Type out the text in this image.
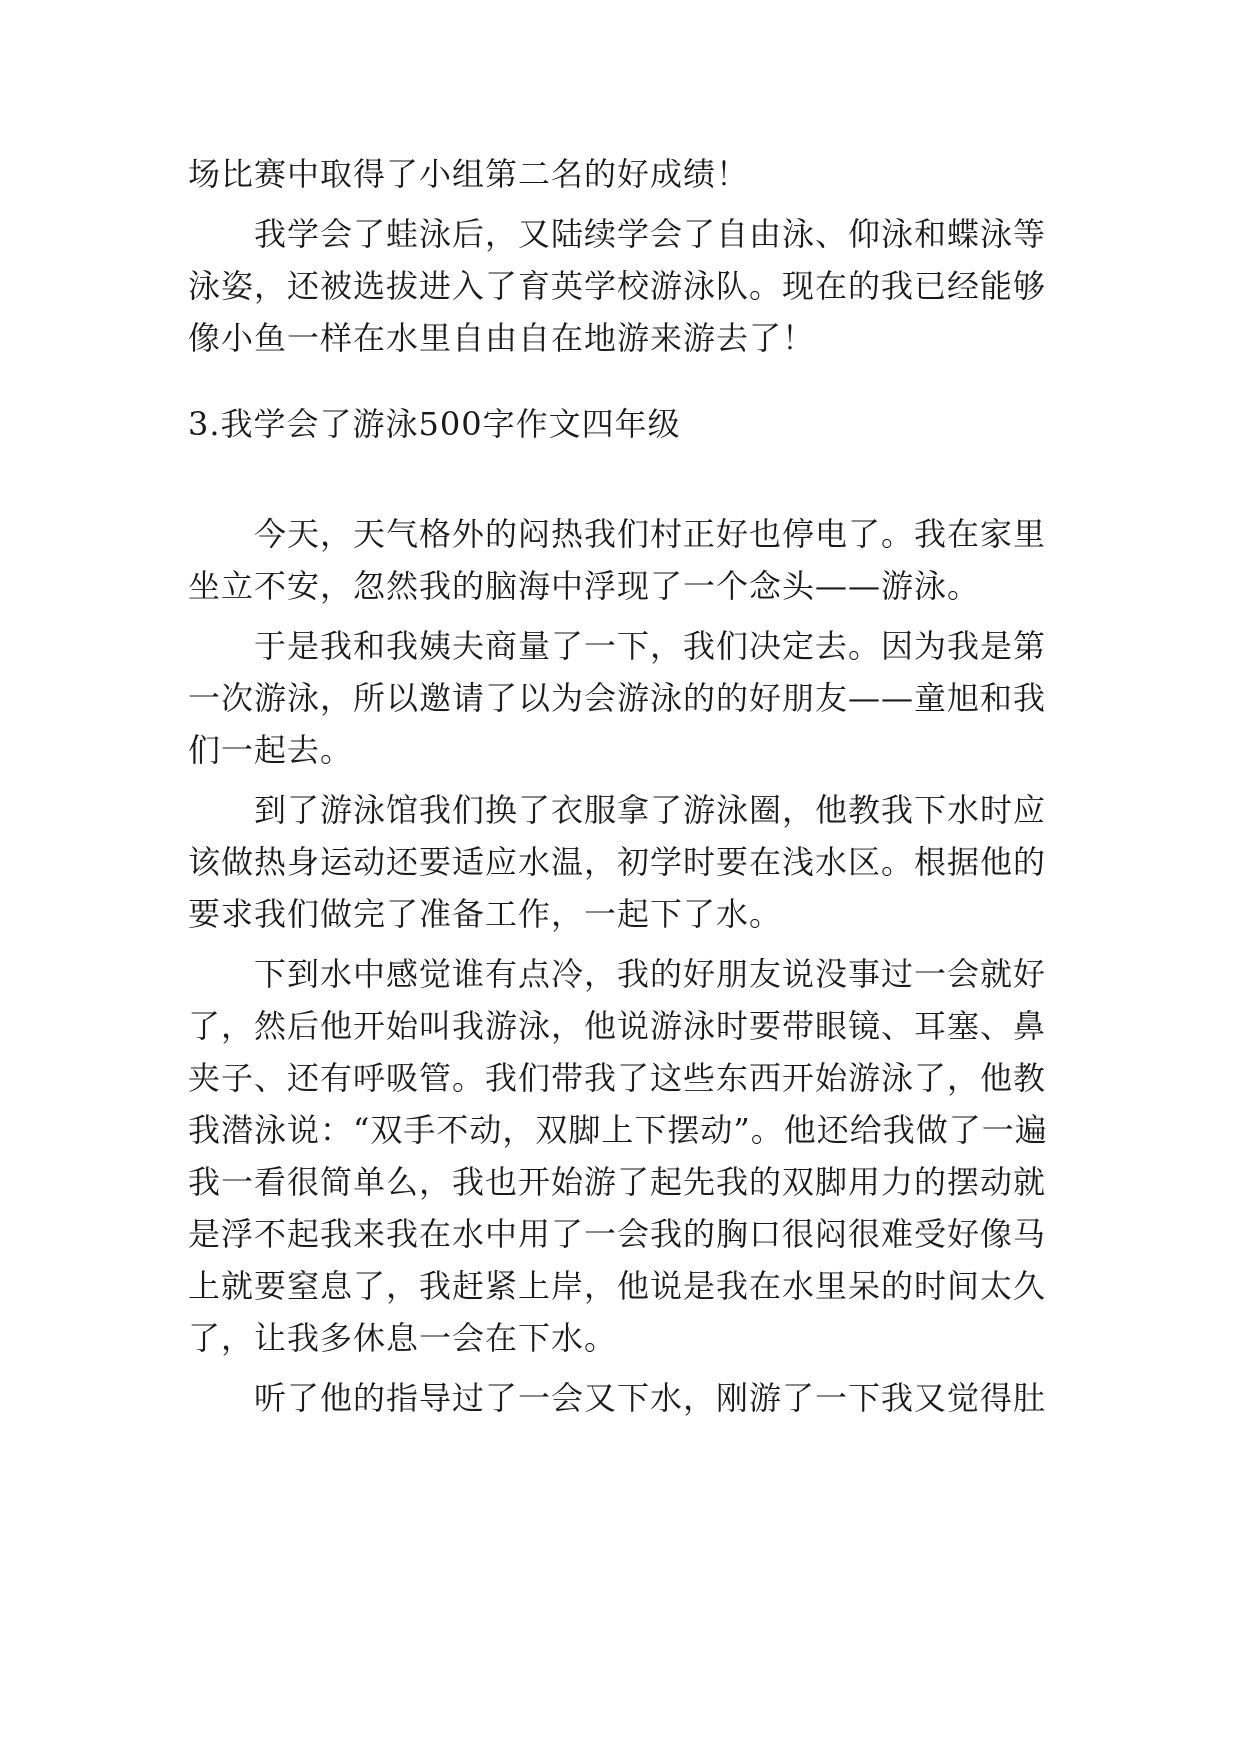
场比赛中取得了小组第二名的好成绩！

我学会了蛙泳后，又陆续学会了自由泳、仰泳和蝶泳等泳姿，还被选拔进入了育英学校游泳队。现在的我已经能够像小鱼一样在水里自由自在地游来游去了！

3.我学会了游泳500字作文四年级

今天，天气格外的闷热我们村正好也停电了。我在家里坐立不安，忽然我的脑海中浮现了一个念头——游泳。

于是我和我姨夫商量了一下，我们决定去。因为我是第一次游泳，所以邀请了以为会游泳的的好朋友——童旭和我们一起去。

到了游泳馆我们换了衣服拿了游泳圈，他教我下水时应该做热身运动还要适应水温，初学时要在浅水区。根据他的要求我们做完了准备工作，一起下了水。

下到水中感觉谁有点冷，我的好朋友说没事过一会就好了，然后他开始叫我游泳，他说游泳时要带眼镜、耳塞、鼻夹子、还有呼吸管。我们带我了这些东西开始游泳了，他教我潜泳说：“双手不动，双脚上下摆动”。他还给我做了一遍我一看很简单么，我也开始游了起先我的双脚用力的摆动就是浮不起我来我在水中用了一会我的胸口很闷很难受好像马上就要窒息了，我赶紧上岸，他说是我在水里呆的时间太久了，让我多休息一会在下水。

听了他的指导过了一会又下水，刚游了一下我又觉得肚
